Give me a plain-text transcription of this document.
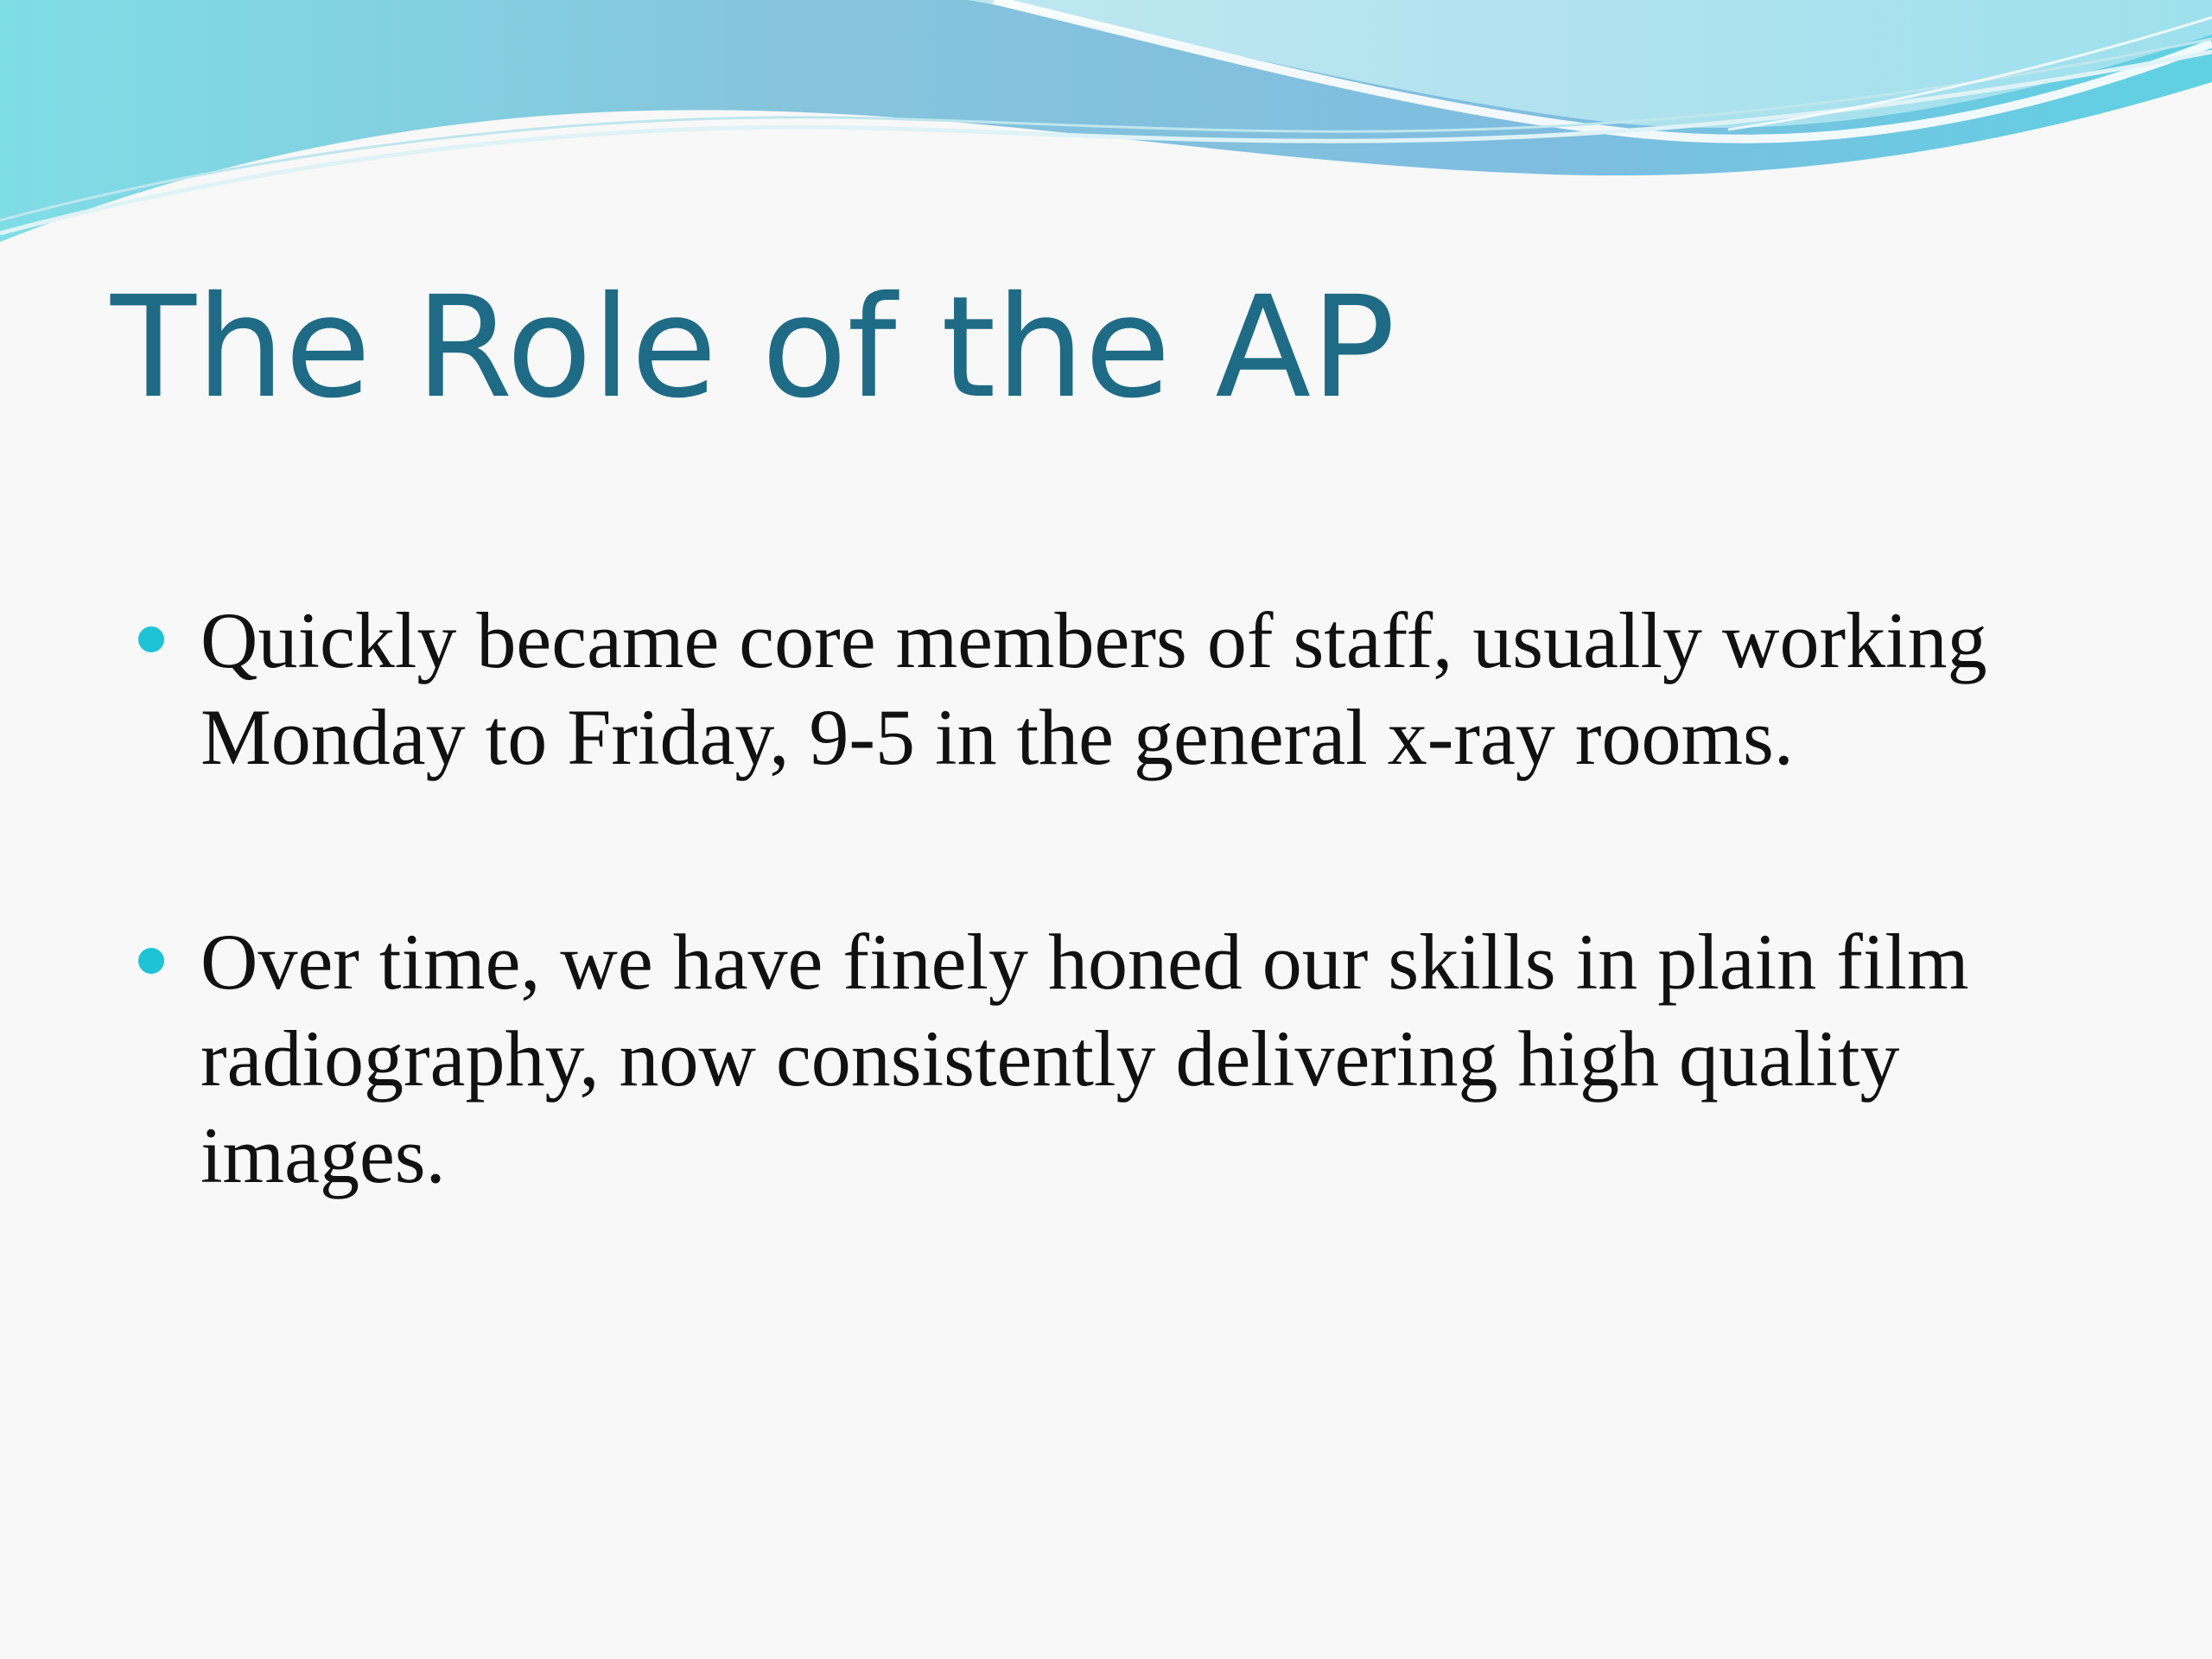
The Role of the AP
Quickly became core members of staff, usually working Monday to Friday, 9-5 in the general x-ray rooms.
Over time, we have finely honed our skills in plain film radiography, now consistently delivering high quality images.
